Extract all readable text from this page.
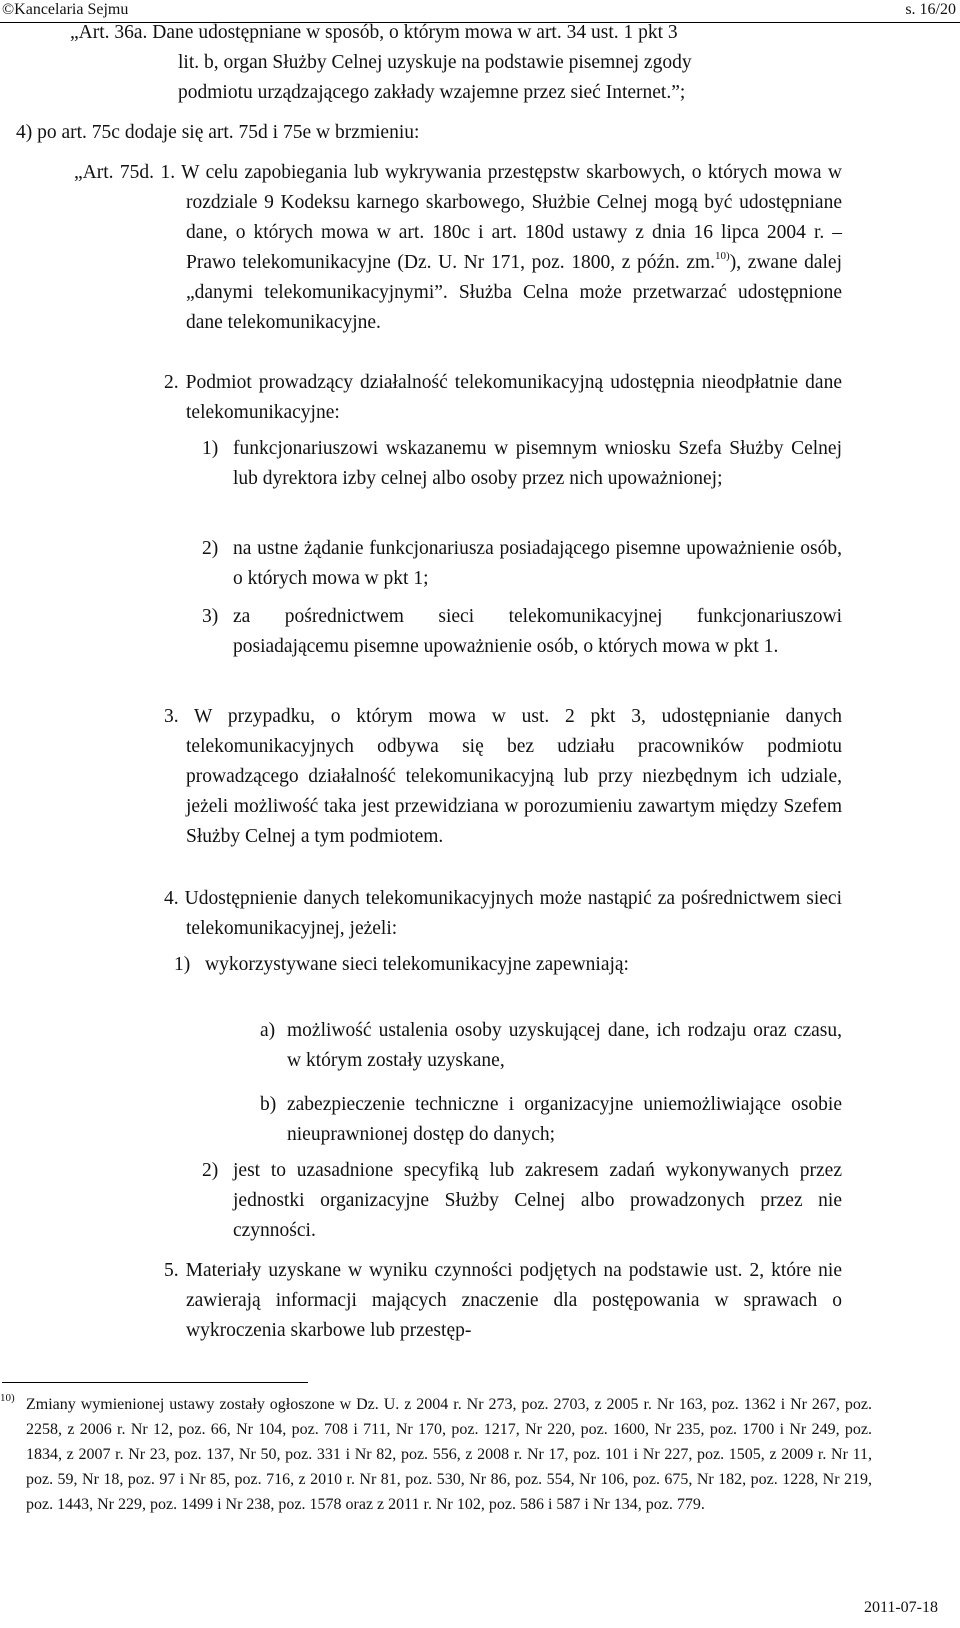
©Kancelaria Sejmu	s. 16/20
„Art. 36a. Dane udostępniane w sposób, o którym mowa w art. 34 ust. 1 pkt 3
lit. b, organ Służby Celnej uzyskuje na podstawie pisemnej zgody
podmiotu urządzającego zakłady wzajemne przez sieć Internet.”;
4) po art. 75c dodaje się art. 75d i 75e w brzmieniu:

„Art. 75d. 1. W celu zapobiegania lub wykrywania przestępstw skarbowych, o których mowa w rozdziale 9 Kodeksu karnego skarbowego, Służbie Celnej mogą być udostępniane dane, o których mowa w art. 180c i art. 180d ustawy z dnia 16 lipca 2004 r. – Prawo telekomunikacyjne (Dz. U. Nr 171, poz. 1800, z późn. zm.$^{10)}$), zwane dalej „danymi telekomunikacyjnymi”. Służba Celna może przetwarzać udostępnione dane telekomunikacyjne.

2. Podmiot prowadzący działalność telekomunikacyjną udostępnia nieodpłatnie dane telekomunikacyjne:

1) funkcjonariuszowi wskazanemu w pisemnym wniosku Szefa Służby Celnej lub dyrektora izby celnej albo osoby przez nich upoważnionej;
2) na ustne żądanie funkcjonariusza posiadającego pisemne upoważnienie osób, o których mowa w pkt 1;
3) za pośrednictwem sieci telekomunikacyjnej funkcjonariuszowi posiadającemu pisemne upoważnienie osób, o których mowa w pkt 1.

3. W przypadku, o którym mowa w ust. 2 pkt 3, udostępnianie danych telekomunikacyjnych odbywa się bez udziału pracowników podmiotu prowadzącego działalność telekomunikacyjną lub przy niezbędnym ich udziale, jeżeli możliwość taka jest przewidziana w porozumieniu zawartym między Szefem Służby Celnej a tym podmiotem.

4. Udostępnienie danych telekomunikacyjnych może nastąpić za pośrednictwem sieci telekomunikacyjnej, jeżeli:

1) wykorzystywane sieci telekomunikacyjne zapewniają:
a) możliwość ustalenia osoby uzyskującej dane, ich rodzaju oraz czasu, w którym zostały uzyskane,
b) zabezpieczenie techniczne i organizacyjne uniemożliwiające osobie nieuprawnionej dostęp do danych;
2) jest to uzasadnione specyfiką lub zakresem zadań wykonywanych przez jednostki organizacyjne Służby Celnej albo prowadzonych przez nie czynności.

5. Materiały uzyskane w wyniku czynności podjętych na podstawie ust. 2, które nie zawierają informacji mających znaczenie dla postępowania w sprawach o wykroczenia skarbowe lub przestęp-

10) Zmiany wymienionej ustawy zostały ogłoszone w Dz. U. z 2004 r. Nr 273, poz. 2703, z 2005 r. Nr 163, poz. 1362 i Nr 267, poz. 2258, z 2006 r. Nr 12, poz. 66, Nr 104, poz. 708 i 711, Nr 170, poz. 1217, Nr 220, poz. 1600, Nr 235, poz. 1700 i Nr 249, poz. 1834, z 2007 r. Nr 23, poz. 137, Nr 50, poz. 331 i Nr 82, poz. 556, z 2008 r. Nr 17, poz. 101 i Nr 227, poz. 1505, z 2009 r. Nr 11, poz. 59, Nr 18, poz. 97 i Nr 85, poz. 716, z 2010 r. Nr 81, poz. 530, Nr 86, poz. 554, Nr 106, poz. 675, Nr 182, poz. 1228, Nr 219, poz. 1443, Nr 229, poz. 1499 i Nr 238, poz. 1578 oraz z 2011 r. Nr 102, poz. 586 i 587 i Nr 134, poz. 779.
2011-07-18
